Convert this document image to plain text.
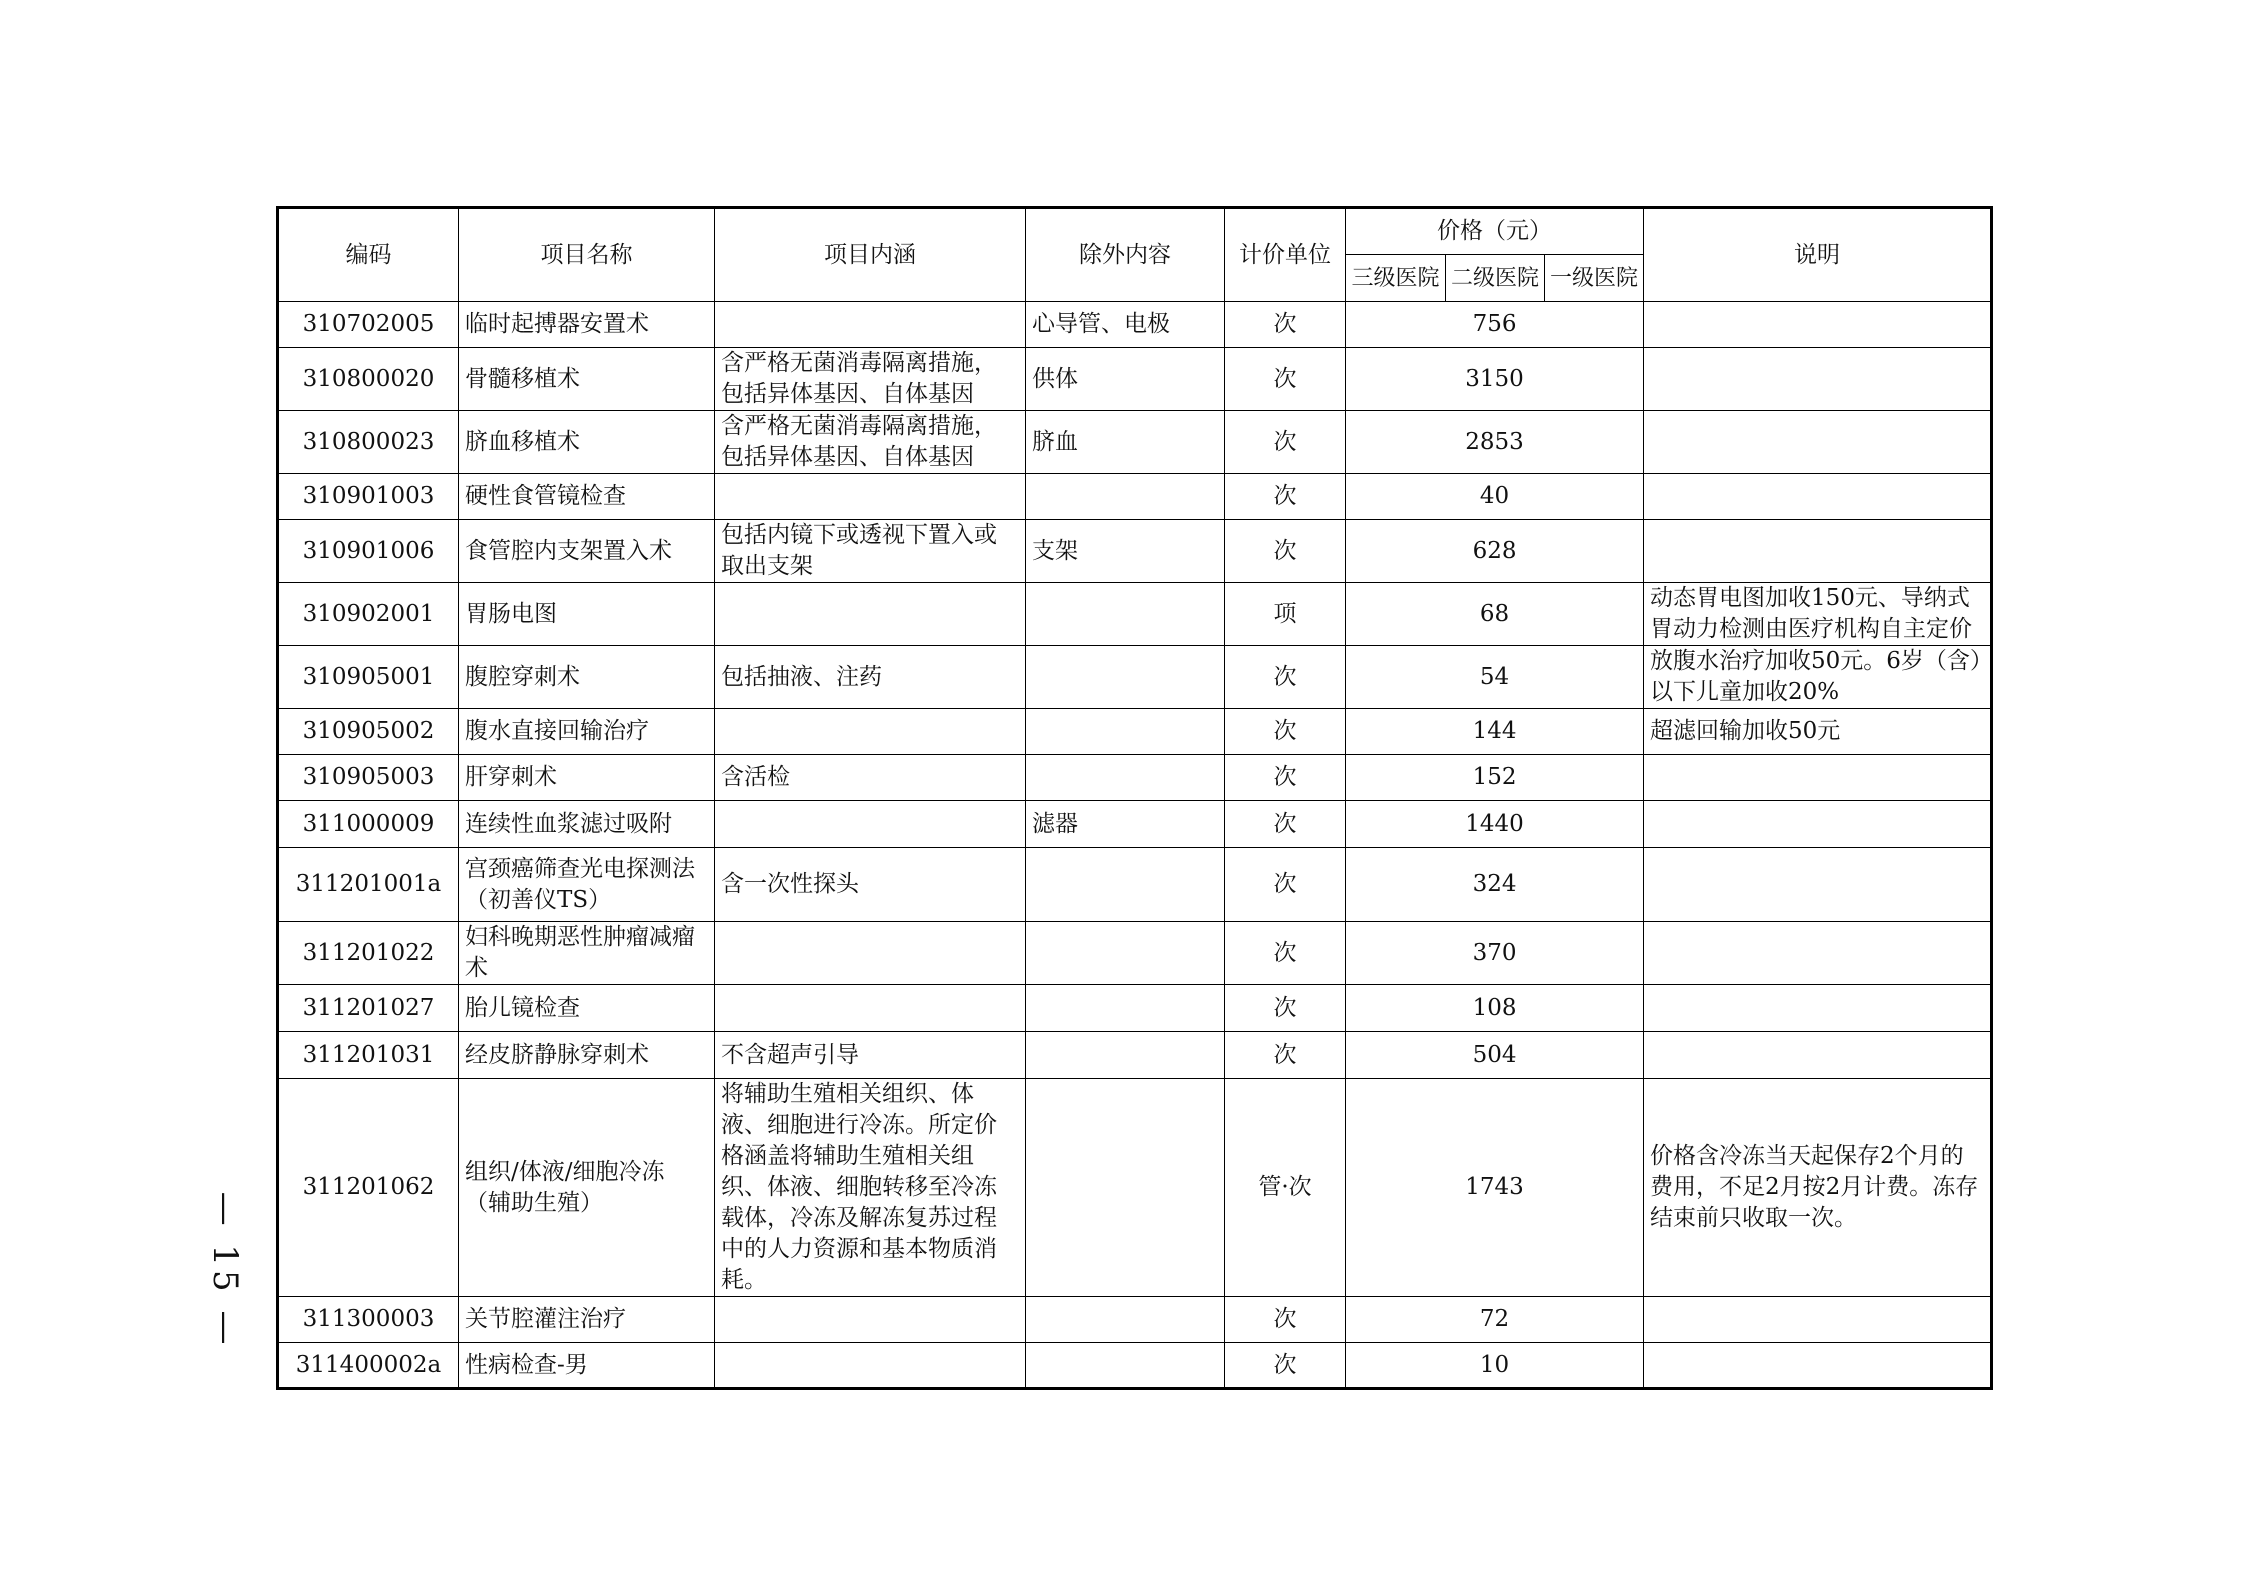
编码	项目名称	项目内涵	除外内容	计价单位	价格（元）			说明
					三级医院	二级医院	一级医院	
310702005	临时起搏器安置术		心导管、电极	次	756			
310800020	骨髓移植术	含严格无菌消毒隔离措施，包括异体基因、自体基因	供体	次	3150			
310800023	脐血移植术	含严格无菌消毒隔离措施，包括异体基因、自体基因	脐血	次	2853			
310901003	硬性食管镜检查			次	40			
310901006	食管腔内支架置入术	包括内镜下或透视下置入或取出支架	支架	次	628			
310902001	胃肠电图			项	68			动态胃电图加收150元、导纳式胃动力检测由医疗机构自主定价
310905001	腹腔穿刺术	包括抽液、注药		次	54			放腹水治疗加收50元。6岁（含）以下儿童加收20%
310905002	腹水直接回输治疗			次	144			超滤回输加收50元
310905003	肝穿刺术	含活检		次	152			
311000009	连续性血浆滤过吸附		滤器	次	1440			
311201001a	宫颈癌筛查光电探测法（初善仪TS）	含一次性探头		次	324			
311201022	妇科晚期恶性肿瘤减瘤术			次	370			
311201027	胎儿镜检查			次	108			
311201031	经皮脐静脉穿刺术	不含超声引导		次	504			
311201062	组织/体液/细胞冷冻（辅助生殖）	将辅助生殖相关组织、体液、细胞进行冷冻。所定价格涵盖将辅助生殖相关组织、体液、细胞转移至冷冻载体，冷冻及解冻复苏过程中的人力资源和基本物质消耗。		管·次	1743			价格含冷冻当天起保存2个月的费用，不足2月按2月计费。冻存结束前只收取一次。
311300003	关节腔灌注治疗			次	72			
311400002a	性病检查-男			次	10			
— 15 —
